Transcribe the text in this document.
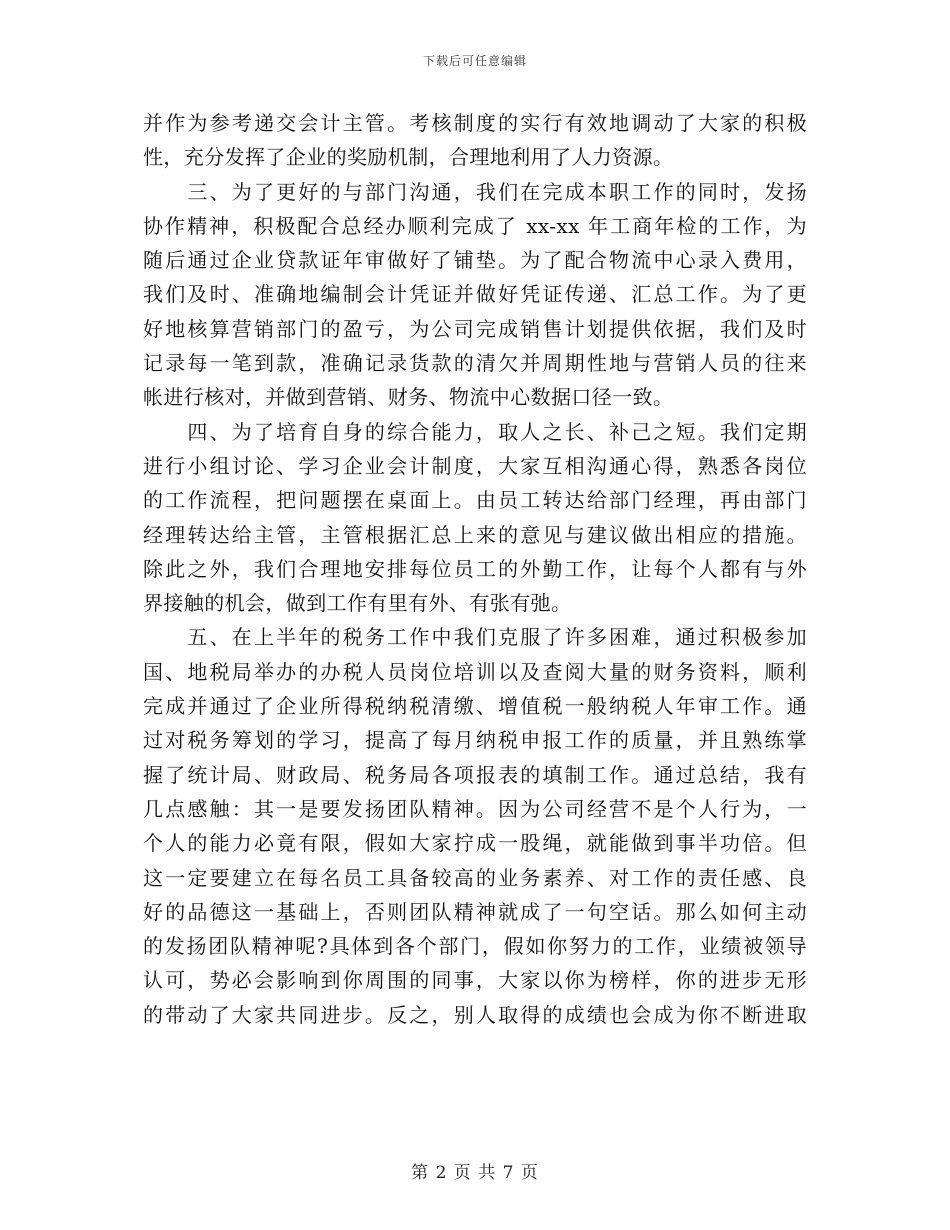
下载后可任意编辑
并作为参考递交会计主管。考核制度的实行有效地调动了大家的积极
性，充分发挥了企业的奖励机制，合理地利用了人力资源。
　　三、为了更好的与部门沟通，我们在完成本职工作的同时，发扬
协作精神，积极配合总经办顺利完成了 xx-xx 年工商年检的工作，为
随后通过企业贷款证年审做好了铺垫。为了配合物流中心录入费用，
我们及时、准确地编制会计凭证并做好凭证传递、汇总工作。为了更
好地核算营销部门的盈亏，为公司完成销售计划提供依据，我们及时
记录每一笔到款，准确记录货款的清欠并周期性地与营销人员的往来
帐进行核对，并做到营销、财务、物流中心数据口径一致。
　　四、为了培育自身的综合能力，取人之长、补己之短。我们定期
进行小组讨论、学习企业会计制度，大家互相沟通心得，熟悉各岗位
的工作流程，把问题摆在桌面上。由员工转达给部门经理，再由部门
经理转达给主管，主管根据汇总上来的意见与建议做出相应的措施。
除此之外，我们合理地安排每位员工的外勤工作，让每个人都有与外
界接触的机会，做到工作有里有外、有张有弛。
　　五、在上半年的税务工作中我们克服了许多困难，通过积极参加
国、地税局举办的办税人员岗位培训以及查阅大量的财务资料，顺利
完成并通过了企业所得税纳税清缴、增值税一般纳税人年审工作。通
过对税务筹划的学习，提高了每月纳税申报工作的质量，并且熟练掌
握了统计局、财政局、税务局各项报表的填制工作。通过总结，我有
几点感触：其一是要发扬团队精神。因为公司经营不是个人行为，一
个人的能力必竟有限，假如大家拧成一股绳，就能做到事半功倍。但
这一定要建立在每名员工具备较高的业务素养、对工作的责任感、良
好的品德这一基础上，否则团队精神就成了一句空话。那么如何主动
的发扬团队精神呢?具体到各个部门，假如你努力的工作，业绩被领导
认可，势必会影响到你周围的同事，大家以你为榜样，你的进步无形
的带动了大家共同进步。反之，别人取得的成绩也会成为你不断进取
第 2 页 共 7 页
